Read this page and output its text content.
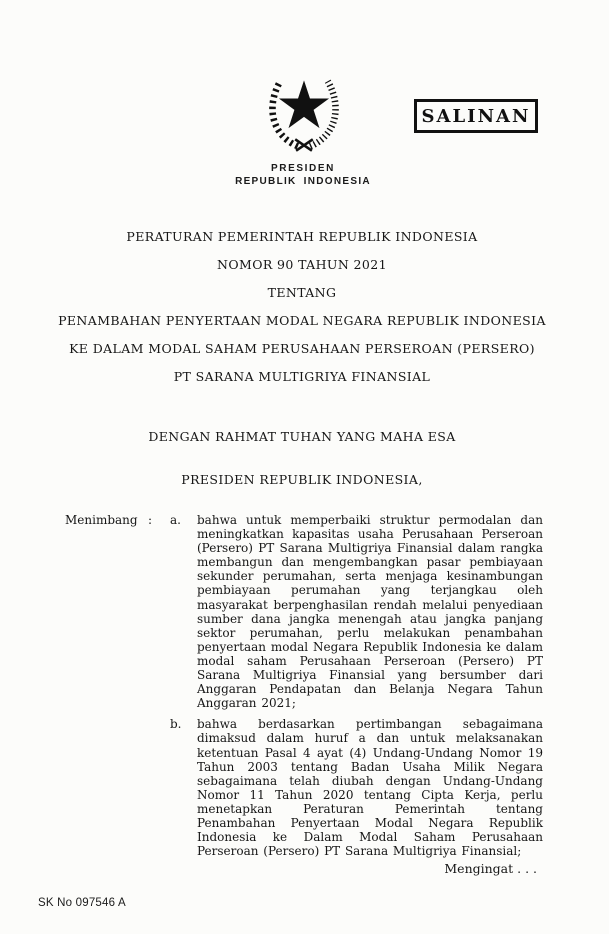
PRESIDEN
REPUBLIK INDONESIA
SALINAN
PERATURAN PEMERINTAH REPUBLIK INDONESIA
NOMOR 90 TAHUN 2021
TENTANG
PENAMBAHAN PENYERTAAN MODAL NEGARA REPUBLIK INDONESIA
KE DALAM MODAL SAHAM PERUSAHAAN PERSEROAN (PERSERO)
PT SARANA MULTIGRIYA FINANSIAL
DENGAN RAHMAT TUHAN YANG MAHA ESA
PRESIDEN REPUBLIK INDONESIA,
Menimbang :	a.	bahwa untuk memperbaiki struktur permodalan dan meningkatkan kapasitas usaha Perusahaan Perseroan (Persero) PT Sarana Multigriya Finansial dalam rangka membangun dan mengembangkan pasar pembiayaan sekunder perumahan, serta menjaga kesinambungan pembiayaan perumahan yang terjangkau oleh masyarakat berpenghasilan rendah melalui penyediaan sumber dana jangka menengah atau jangka panjang sektor perumahan, perlu melakukan penambahan penyertaan modal Negara Republik Indonesia ke dalam modal saham Perusahaan Perseroan (Persero) PT Sarana Multigriya Finansial yang bersumber dari Anggaran Pendapatan dan Belanja Negara Tahun Anggaran 2021;
b.	bahwa berdasarkan pertimbangan sebagaimana dimaksud dalam huruf a dan untuk melaksanakan ketentuan Pasal 4 ayat (4) Undang-Undang Nomor 19 Tahun 2003 tentang Badan Usaha Milik Negara sebagaimana telah diubah dengan Undang-Undang Nomor 11 Tahun 2020 tentang Cipta Kerja, perlu menetapkan Peraturan Pemerintah tentang Penambahan Penyertaan Modal Negara Republik Indonesia ke Dalam Modal Saham Perusahaan Perseroan (Persero) PT Sarana Multigriya Finansial;
Mengingat . . .
SK No 097546 A
